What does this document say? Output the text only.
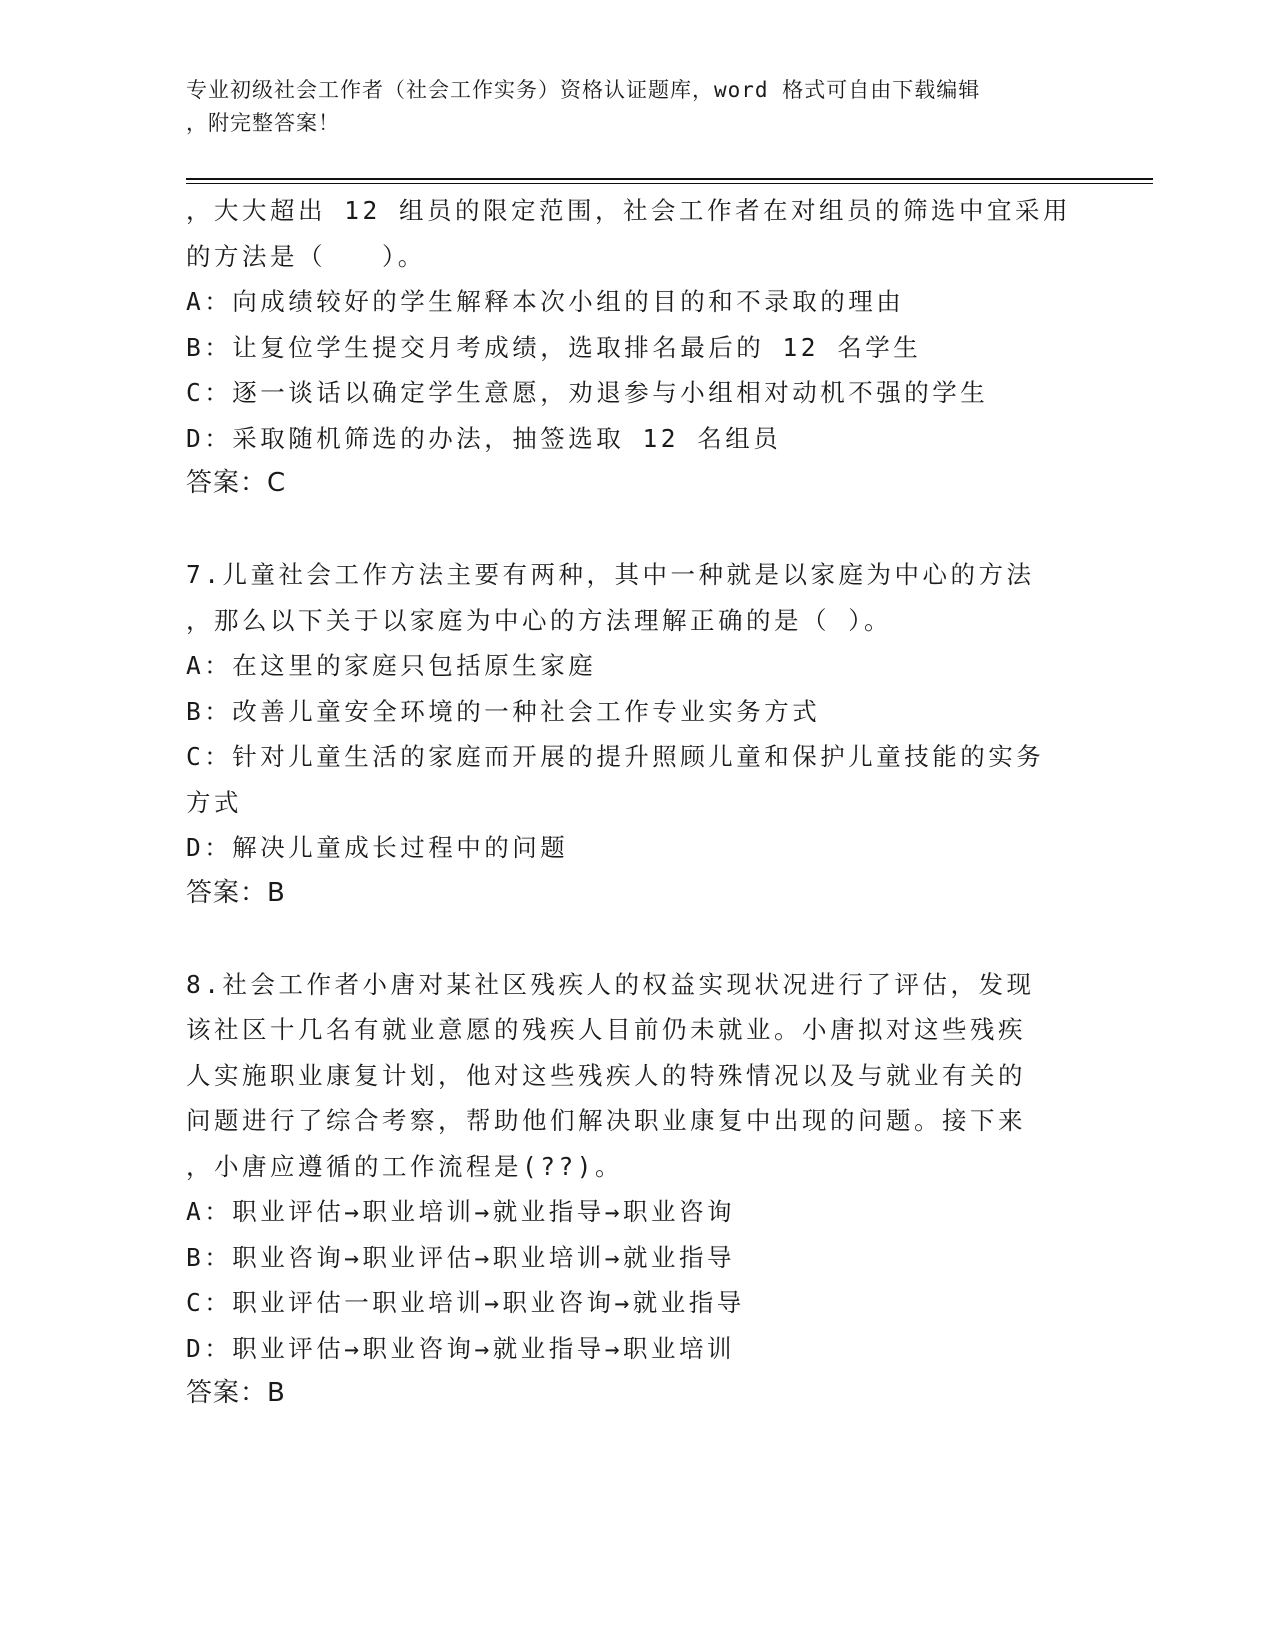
专业初级社会工作者（社会工作实务）资格认证题库，word 格式可自由下载编辑
，附完整答案！

，大大超出 12 组员的限定范围，社会工作者在对组员的筛选中宜采用

的方法是（　　）。

A：向成绩较好的学生解释本次小组的目的和不录取的理由

B：让复位学生提交月考成绩，选取排名最后的 12 名学生

C：逐一谈话以确定学生意愿，劝退参与小组相对动机不强的学生

D：采取随机筛选的办法，抽签选取 12 名组员

答案：C

7.儿童社会工作方法主要有两种，其中一种就是以家庭为中心的方法

，那么以下关于以家庭为中心的方法理解正确的是（ ）。

A：在这里的家庭只包括原生家庭

B：改善儿童安全环境的一种社会工作专业实务方式

C：针对儿童生活的家庭而开展的提升照顾儿童和保护儿童技能的实务

方式

D：解决儿童成长过程中的问题

答案：B

8.社会工作者小唐对某社区残疾人的权益实现状况进行了评估，发现

该社区十几名有就业意愿的残疾人目前仍未就业。小唐拟对这些残疾

人实施职业康复计划，他对这些残疾人的特殊情况以及与就业有关的

问题进行了综合考察，帮助他们解决职业康复中出现的问题。接下来

，小唐应遵循的工作流程是(??)。

A：职业评估→职业培训→就业指导→职业咨询

B：职业咨询→职业评估→职业培训→就业指导

C：职业评估一职业培训→职业咨询→就业指导

D：职业评估→职业咨询→就业指导→职业培训

答案：B
